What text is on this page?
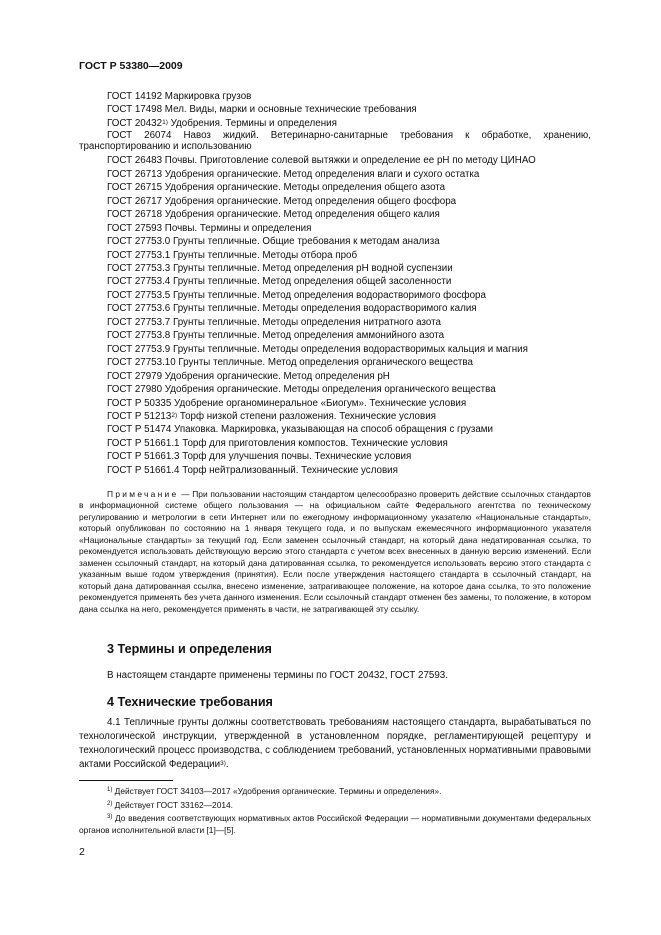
ГОСТ Р 53380—2009
ГОСТ 14192 Маркировка грузов
ГОСТ 17498 Мел. Виды, марки и основные технические требования
ГОСТ 20432$^{1)}$ Удобрения. Термины и определения
ГОСТ 26074 Навоз жидкий. Ветеринарно-санитарные требования к обработке, хранению, транспортированию и использованию
ГОСТ 26483 Почвы. Приготовление солевой вытяжки и определение ее pH по методу ЦИНАО
ГОСТ 26713 Удобрения органические. Метод определения влаги и сухого остатка
ГОСТ 26715 Удобрения органические. Методы определения общего азота
ГОСТ 26717 Удобрения органические. Метод определения общего фосфора
ГОСТ 26718 Удобрения органические. Метод определения общего калия
ГОСТ 27593 Почвы. Термины и определения
ГОСТ 27753.0 Грунты тепличные. Общие требования к методам анализа
ГОСТ 27753.1 Грунты тепличные. Методы отбора проб
ГОСТ 27753.3 Грунты тепличные. Метод определения pH водной суспензии
ГОСТ 27753.4 Грунты тепличные. Метод определения общей засоленности
ГОСТ 27753.5 Грунты тепличные. Метод определения водорастворимого фосфора
ГОСТ 27753.6 Грунты тепличные. Методы определения водорастворимого калия
ГОСТ 27753.7 Грунты тепличные. Методы определения нитратного азота
ГОСТ 27753.8 Грунты тепличные. Метод определения аммонийного азота
ГОСТ 27753.9 Грунты тепличные. Методы определения водорастворимых кальция и магния
ГОСТ 27753.10 Грунты тепличные. Метод определения органического вещества
ГОСТ 27979 Удобрения органические. Метод определения pH
ГОСТ 27980 Удобрения органические. Методы определения органического вещества
ГОСТ Р 50335 Удобрение органоминеральное «Биогум». Технические условия
ГОСТ Р 51213$^{2)}$ Торф низкой степени разложения. Технические условия
ГОСТ Р 51474 Упаковка. Маркировка, указывающая на способ обращения с грузами
ГОСТ Р 51661.1 Торф для приготовления компостов. Технические условия
ГОСТ Р 51661.3 Торф для улучшения почвы. Технические условия
ГОСТ Р 51661.4 Торф нейтрализованный. Технические условия
Примечание — При пользовании настоящим стандартом целесообразно проверить действие ссылочных стандартов в информационной системе общего пользования — на официальном сайте Федерального агентства по техническому регулированию и метрологии в сети Интернет или по ежегодному информационному указателю «Национальные стандарты», который опубликован по состоянию на 1 января текущего года, и по выпускам ежемесячного информационного указателя «Национальные стандарты» за текущий год. Если заменен ссылочный стандарт, на который дана недатированная ссылка, то рекомендуется использовать действующую версию этого стандарта с учетом всех внесенных в данную версию изменений. Если заменен ссылочный стандарт, на который дана датированная ссылка, то рекомендуется использовать версию этого стандарта с указанным выше годом утверждения (принятия). Если после утверждения настоящего стандарта в ссылочный стандарт, на который дана датированная ссылка, внесено изменение, затрагивающее положение, на которое дана ссылка, то это положение рекомендуется применять без учета данного изменения. Если ссылочный стандарт отменен без замены, то положение, в котором дана ссылка на него, рекомендуется применять в части, не затрагивающей эту ссылку.
3 Термины и определения
В настоящем стандарте применены термины по ГОСТ 20432, ГОСТ 27593.
4 Технические требования
4.1 Тепличные грунты должны соответствовать требованиям настоящего стандарта, вырабатываться по технологической инструкции, утвержденной в установленном порядке, регламентирующей рецептуру и технологический процесс производства, с соблюдением требований, установленных нормативными правовыми актами Российской Федерации$^{3)}$.
$^{1)}$ Действует ГОСТ 34103—2017 «Удобрения органические. Термины и определения».
$^{2)}$ Действует ГОСТ 33162—2014.
$^{3)}$ До введения соответствующих нормативных актов Российской Федерации — нормативными документами федеральных органов исполнительной власти [1]—[5].
2
